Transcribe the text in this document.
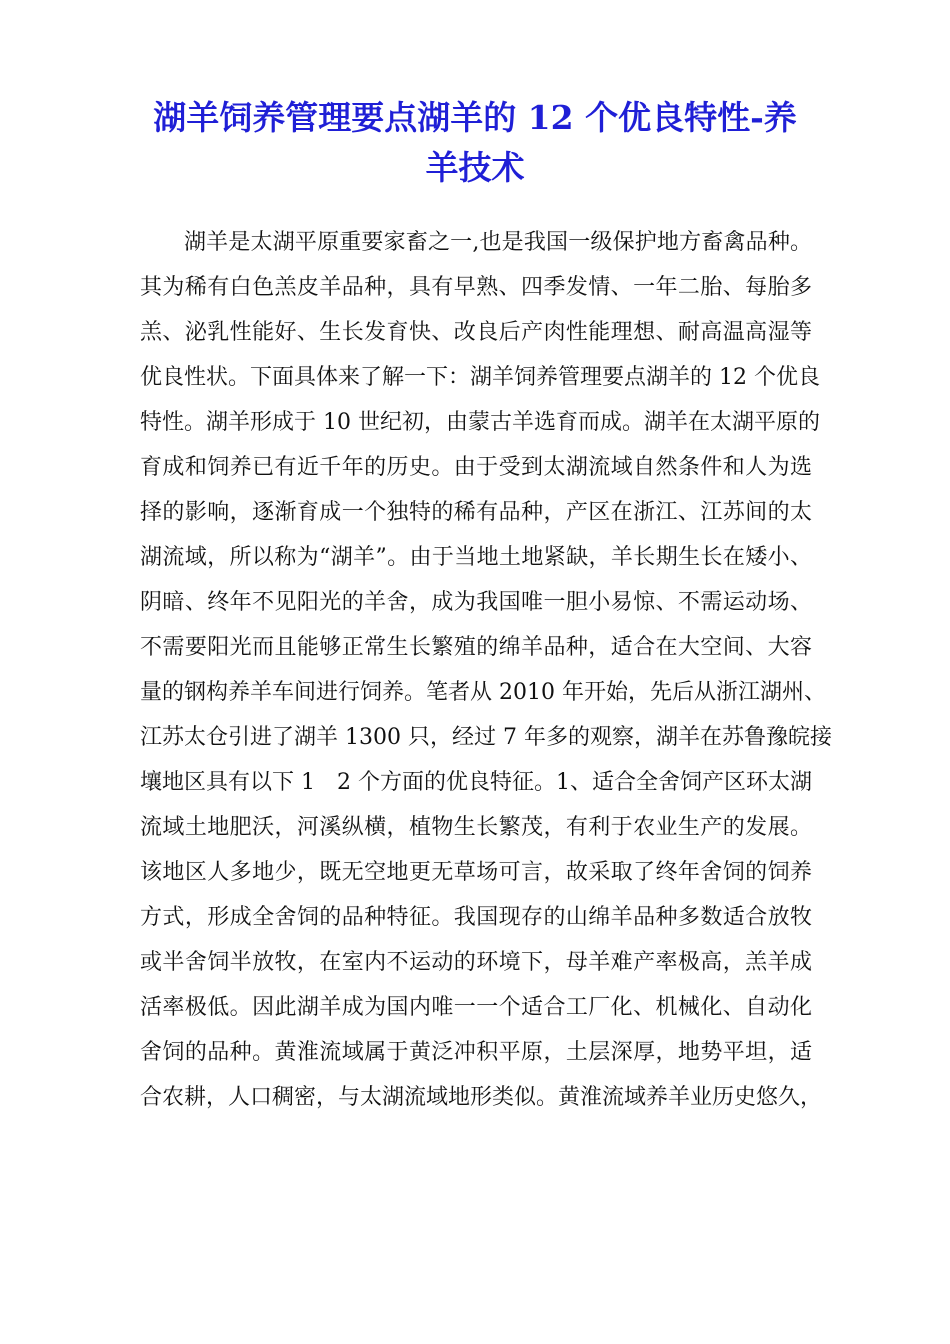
湖羊饲养管理要点湖羊的 12 个优良特性-养
羊技术
湖羊是太湖平原重要家畜之一,也是我国一级保护地方畜禽品种。
其为稀有白色羔皮羊品种，具有早熟、四季发情、一年二胎、每胎多
羔、泌乳性能好、生长发育快、改良后产肉性能理想、耐高温高湿等
优良性状。下面具体来了解一下：湖羊饲养管理要点湖羊的 12 个优良
特性。湖羊形成于 10 世纪初，由蒙古羊选育而成。湖羊在太湖平原的
育成和饲养已有近千年的历史。由于受到太湖流域自然条件和人为选
择的影响，逐渐育成一个独特的稀有品种，产区在浙江、江苏间的太
湖流域，所以称为“湖羊”。由于当地土地紧缺，羊长期生长在矮小、
阴暗、终年不见阳光的羊舍，成为我国唯一胆小易惊、不需运动场、
不需要阳光而且能够正常生长繁殖的绵羊品种，适合在大空间、大容
量的钢构养羊车间进行饲养。笔者从 2010 年开始，先后从浙江湖州、
江苏太仓引进了湖羊 1300 只，经过 7 年多的观察，湖羊在苏鲁豫皖接
壤地区具有以下 1　2 个方面的优良特征。1、适合全舍饲产区环太湖
流域土地肥沃，河溪纵横，植物生长繁茂，有利于农业生产的发展。
该地区人多地少，既无空地更无草场可言，故采取了终年舍饲的饲养
方式，形成全舍饲的品种特征。我国现存的山绵羊品种多数适合放牧
或半舍饲半放牧，在室内不运动的环境下，母羊难产率极高，羔羊成
活率极低。因此湖羊成为国内唯一一个适合工厂化、机械化、自动化
舍饲的品种。黄淮流域属于黄泛冲积平原，土层深厚，地势平坦，适
合农耕，人口稠密，与太湖流域地形类似。黄淮流域养羊业历史悠久，
